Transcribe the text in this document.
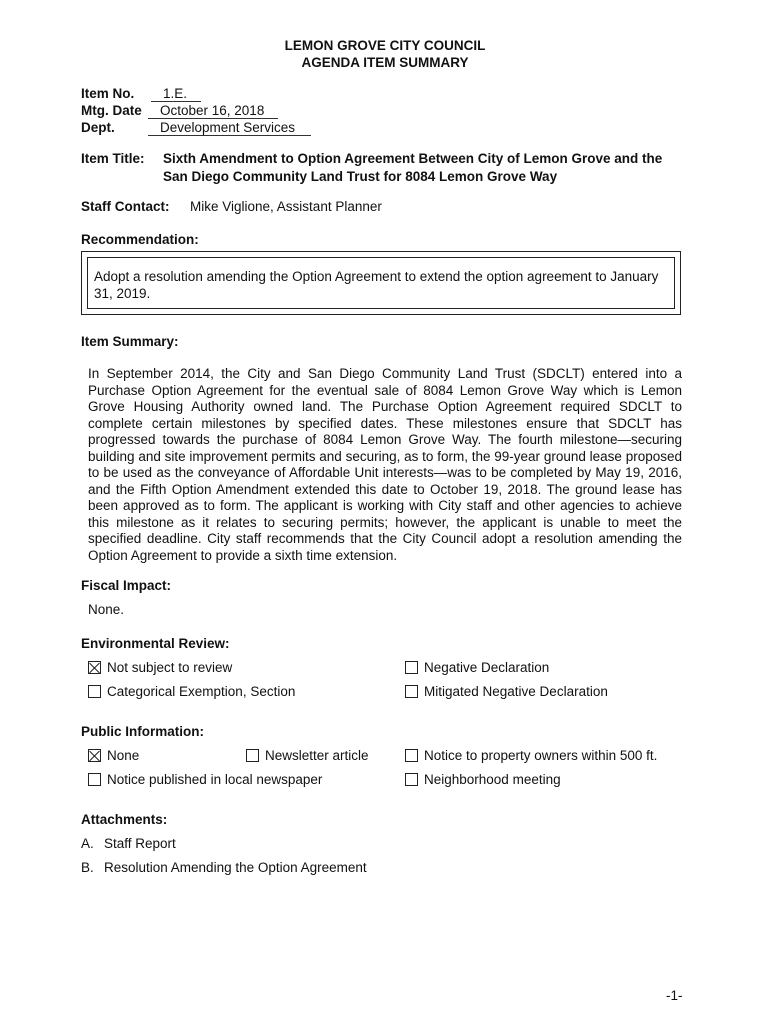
LEMON GROVE CITY COUNCIL
AGENDA ITEM SUMMARY
Item No.	1.E.
Mtg. Date	October 16, 2018
Dept.	Development Services
Item Title: Sixth Amendment to Option Agreement Between City of Lemon Grove and the
San Diego Community Land Trust for 8084 Lemon Grove Way
Staff Contact: Mike Viglione, Assistant Planner
Recommendation:
Adopt a resolution amending the Option Agreement to extend the option agreement to January
31, 2019.
Item Summary:
In September 2014, the City and San Diego Community Land Trust (SDCLT) entered into a Purchase Option Agreement for the eventual sale of 8084 Lemon Grove Way which is Lemon Grove Housing Authority owned land. The Purchase Option Agreement required SDCLT to complete certain milestones by specified dates. These milestones ensure that SDCLT has progressed towards the purchase of 8084 Lemon Grove Way. The fourth milestone—securing building and site improvement permits and securing, as to form, the 99-year ground lease proposed to be used as the conveyance of Affordable Unit interests—was to be completed by May 19, 2016, and the Fifth Option Amendment extended this date to October 19, 2018. The ground lease has been approved as to form. The applicant is working with City staff and other agencies to achieve this milestone as it relates to securing permits; however, the applicant is unable to meet the specified deadline. City staff recommends that the City Council adopt a resolution amending the Option Agreement to provide a sixth time extension.
Fiscal Impact:
None.
Environmental Review:
Not subject to review	Negative Declaration
Categorical Exemption, Section	Mitigated Negative Declaration
Public Information:
None	Newsletter article	Notice to property owners within 500 ft.
Notice published in local newspaper	Neighborhood meeting
Attachments:
A. Staff Report
B. Resolution Amending the Option Agreement
-1-
